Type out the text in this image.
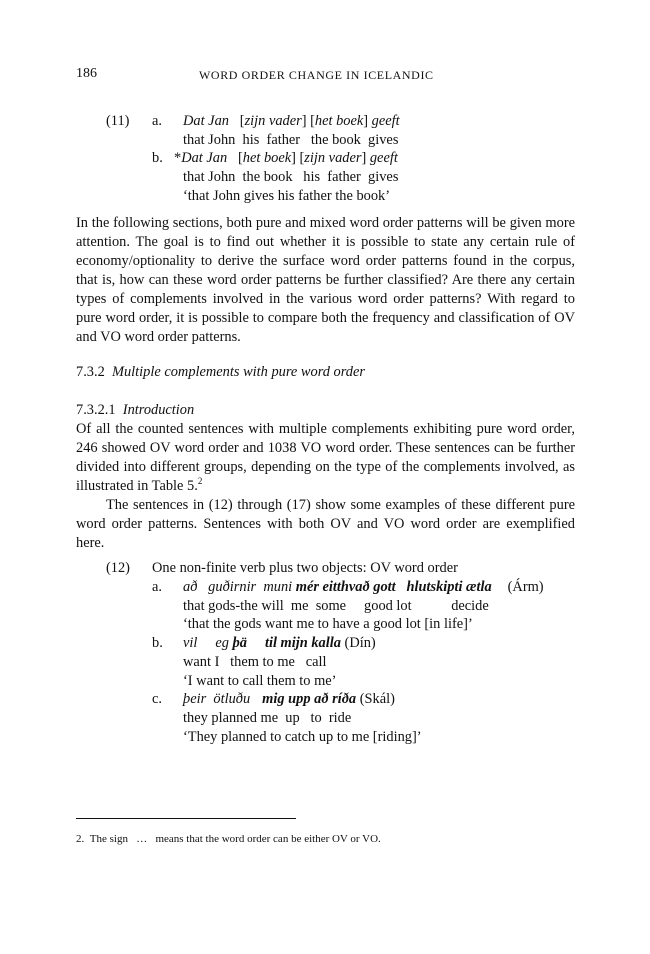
186	WORD ORDER CHANGE IN ICELANDIC
(11) a. Dat Jan [zijn vader] [het boek] geeft
that John  his  father   the book  gives
b. *Dat Jan [het boek] [zijn vader] geeft
that John  the book   his  father  gives
‘that John gives his father the book’

In the following sections, both pure and mixed word order patterns will be given more attention. The goal is to find out whether it is possible to state any certain rule of economy/optionality to derive the surface word order patterns found in the corpus, that is, how can these word order patterns be further classified? Are there any certain types of complements involved in the various word order patterns? With regard to pure word order, it is possible to compare both the frequency and classification of OV and VO word order patterns.

7.3.2 Multiple complements with pure word order
7.3.2.1 Introduction

Of all the counted sentences with multiple complements exhibiting pure word order, 246 showed OV word order and 1038 VO word order. These sentences can be further divided into different groups, depending on the type of the complements involved, as illustrated in Table 5.$^2$

The sentences in (12) through (17) show some examples of these different pure word order patterns. Sentences with both OV and VO word order are exemplified here.

(12) One non-finite verb plus two objects: OV word order
a. að   guðirnir  muni mér eitthvað gott   hlutskipti ætla (Árm)
that gods-the will  me  some     good lot           decide
‘that the gods want me to have a good lot [in life]’
b. vil     eg þä til mijn kalla (Dín)
want I   them to me   call
‘I want to call them to me’
c. þeir  ötluðu mig upp að ríða (Skál)
they planned me  up   to  ride
‘They planned to catch up to me [riding]’
2. The sign … means that the word order can be either OV or VO.
